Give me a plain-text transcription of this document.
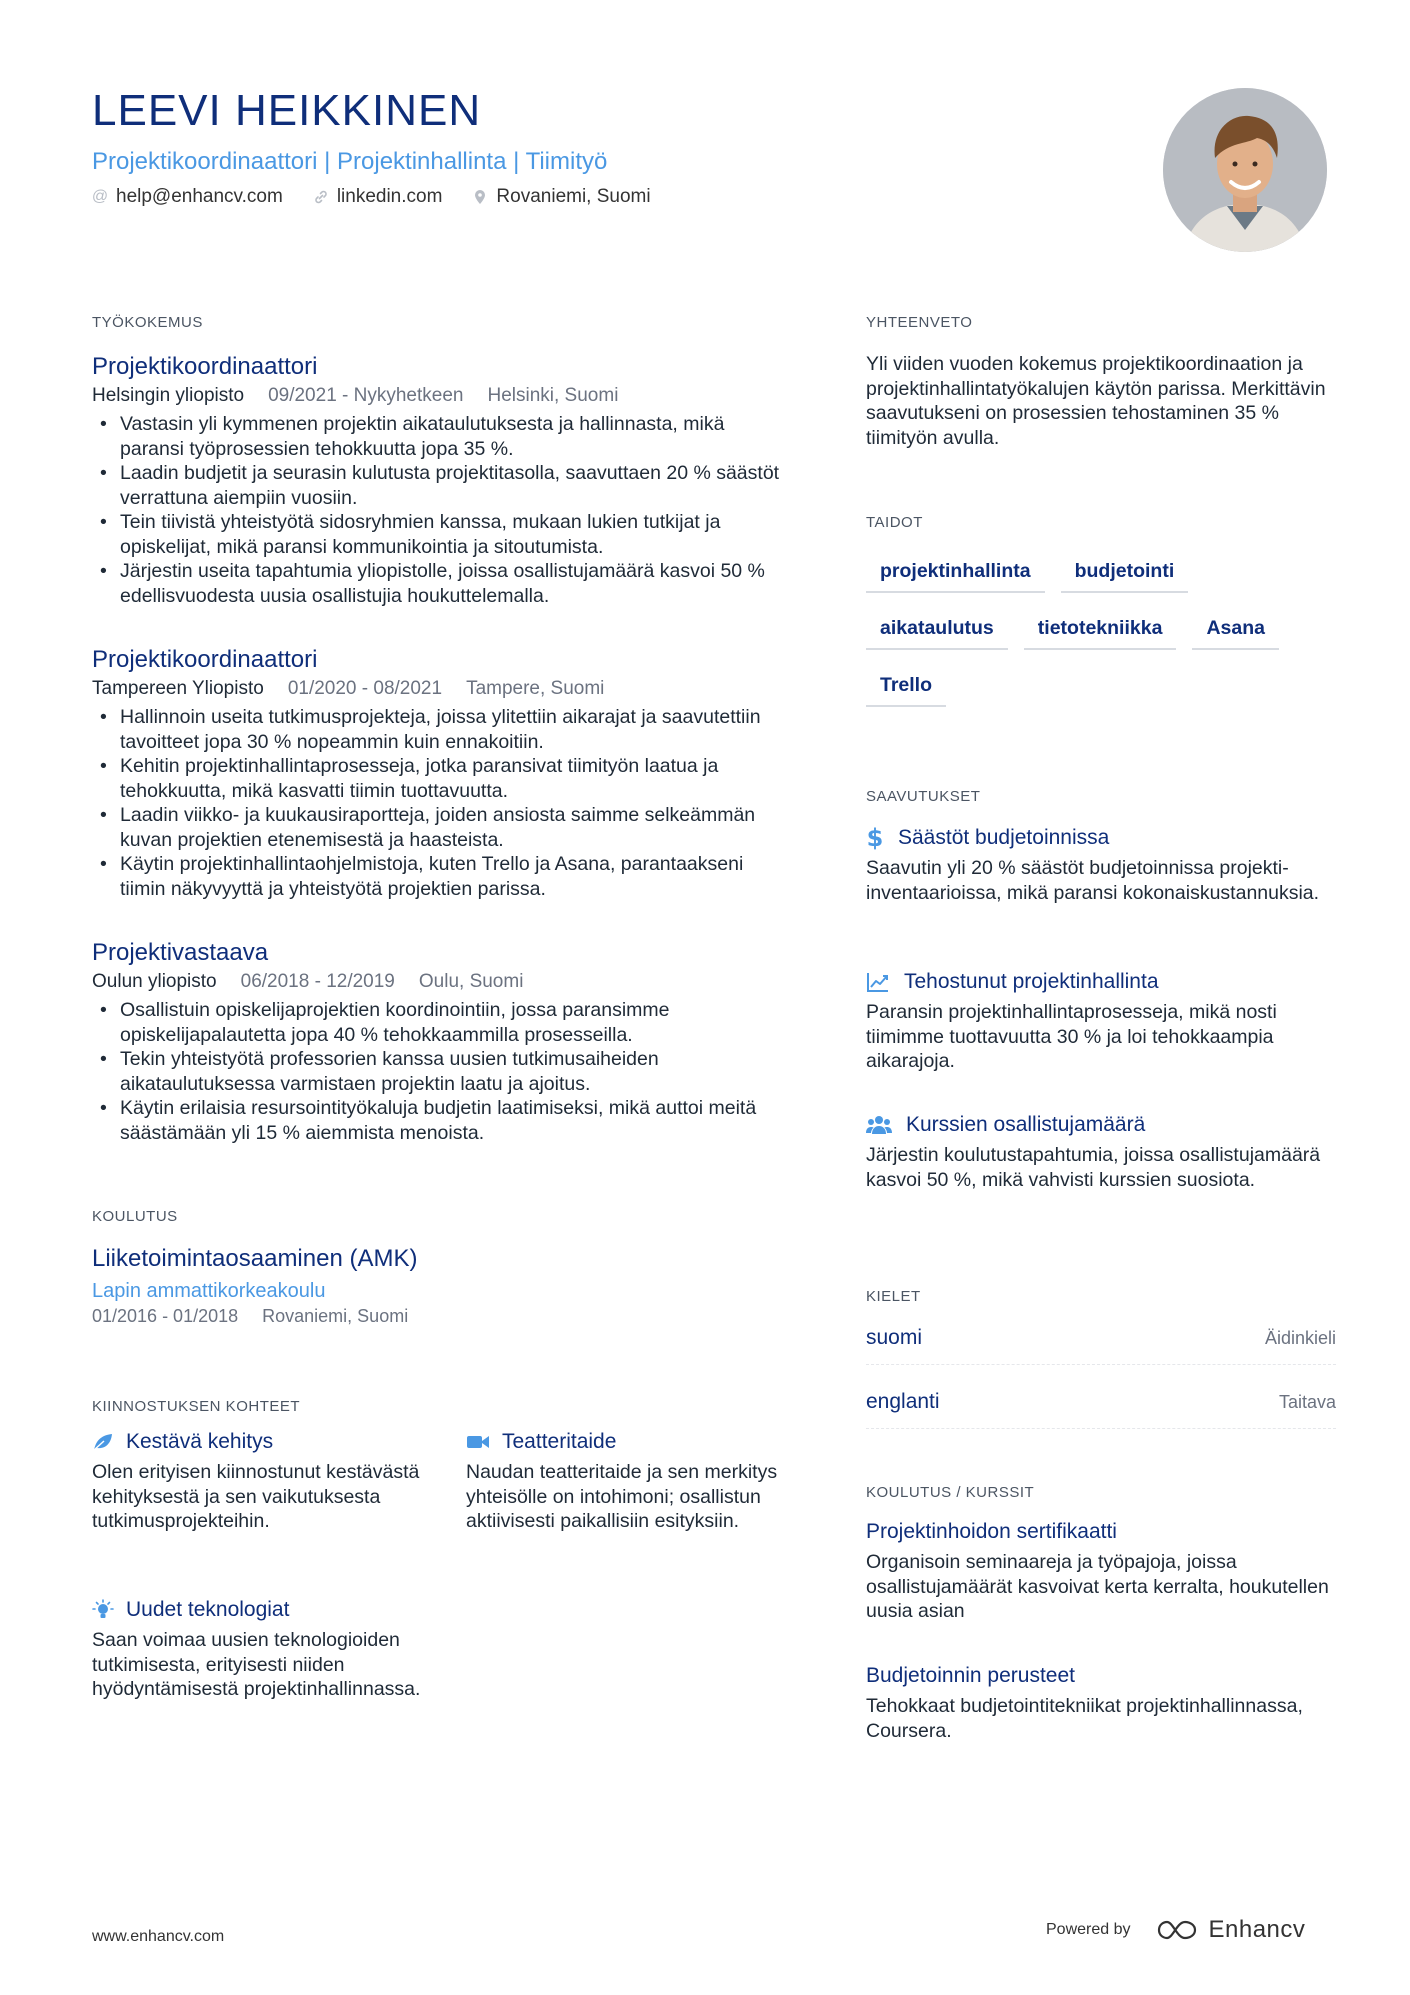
LEEVI HEIKKINEN
Projektikoordinaattori | Projektinhallinta | Tiimityö
@ help@enhancv.com	linkedin.com	Rovaniemi, Suomi
TYÖKOKEMUS
Projektikoordinaattori
Helsingin yliopisto 09/2021 - Nykyhetkeen Helsinki, Suomi
• Vastasin yli kymmenen projektin aikataulutuksesta ja hallinnasta, mikä paransi työprosessien tehokkuutta jopa 35 %.
• Laadin budjetit ja seurasin kulutusta projektitasolla, saavuttaen 20 % säästöt verrattuna aiempiin vuosiin.
• Tein tiivistä yhteistyötä sidosryhmien kanssa, mukaan lukien tutkijat ja opiskelijat, mikä paransi kommunikointia ja sitoutumista.
• Järjestin useita tapahtumia yliopistolle, joissa osallistujamäärä kasvoi 50 % edellisvuodesta uusia osallistujia houkuttelemalla.
Projektikoordinaattori
Tampereen Yliopisto 01/2020 - 08/2021 Tampere, Suomi
• Hallinnoin useita tutkimusprojekteja, joissa ylitettiin aikarajat ja saavutettiin tavoitteet jopa 30 % nopeammin kuin ennakoitiin.
• Kehitin projektinhallintaprosesseja, jotka paransivat tiimityön laatua ja tehokkuutta, mikä kasvatti tiimin tuottavuutta.
• Laadin viikko- ja kuukausiraportteja, joiden ansiosta saimme selkeämmän kuvan projektien etenemisestä ja haasteista.
• Käytin projektinhallintaohjelmistoja, kuten Trello ja Asana, parantaakseni tiimin näkyvyyttä ja yhteistyötä projektien parissa.
Projektivastaava
Oulun yliopisto 06/2018 - 12/2019 Oulu, Suomi
• Osallistuin opiskelijaprojektien koordinointiin, jossa paransimme opiskelijapalautetta jopa 40 % tehokkaammilla prosesseilla.
• Tekin yhteistyötä professorien kanssa uusien tutkimusaiheiden aikataulutuksessa varmistaen projektin laatu ja ajoitus.
• Käytin erilaisia resursointityökaluja budjetin laatimiseksi, mikä auttoi meitä säästämään yli 15 % aiemmista menoista.
KOULUTUS
Liiketoimintaosaaminen (AMK)
Lapin ammattikorkeakoulu
01/2016 - 01/2018 Rovaniemi, Suomi
KIINNOSTUKSEN KOHTEET
Kestävä kehitys
Olen erityisen kiinnostunut kestävästä kehityksestä ja sen vaikutuksesta tutkimusprojekteihin.
Teatteritaide
Naudan teatteritaide ja sen merkitys yhteisölle on intohimoni; osallistun aktiivisesti paikallisiin esityksiin.
Uudet teknologiat
Saan voimaa uusien teknologioiden tutkimisesta, erityisesti niiden hyödyntämisestä projektinhallinnassa.
YHTEENVETO
Yli viiden vuoden kokemus projektikoordinaation ja projektinhallintatyökalujen käytön parissa. Merkittävin saavutukseni on prosessien tehostaminen 35 % tiimityön avulla.
TAIDOT
projektinhallinta	budjetointi
aikataulutus	tietotekniikka	Asana
Trello
SAAVUTUKSET
$ Säästöt budjetoinnissa
Saavutin yli 20 % säästöt budjetoinnissa projekti-inventaarioissa, mikä paransi kokonaiskustannuksia.
Tehostunut projektinhallinta
Paransin projektinhallintaprosesseja, mikä nosti tiimimme tuottavuutta 30 % ja loi tehokkaampia aikarajoja.
Kurssien osallistujamäärä
Järjestin koulutustapahtumia, joissa osallistujamäärä kasvoi 50 %, mikä vahvisti kurssien suosiota.
KIELET
suomi	Äidinkieli
englanti	Taitava
KOULUTUS / KURSSIT
Projektinhoidon sertifikaatti
Organisoin seminaareja ja työpajoja, joissa osallistujamäärät kasvoivat kerta kerralta, houkutellen uusia asian
Budjetoinnin perusteet
Tehokkaat budjetointitekniikat projektinhallinnassa, Coursera.
www.enhancv.com	Powered by	Enhancv
